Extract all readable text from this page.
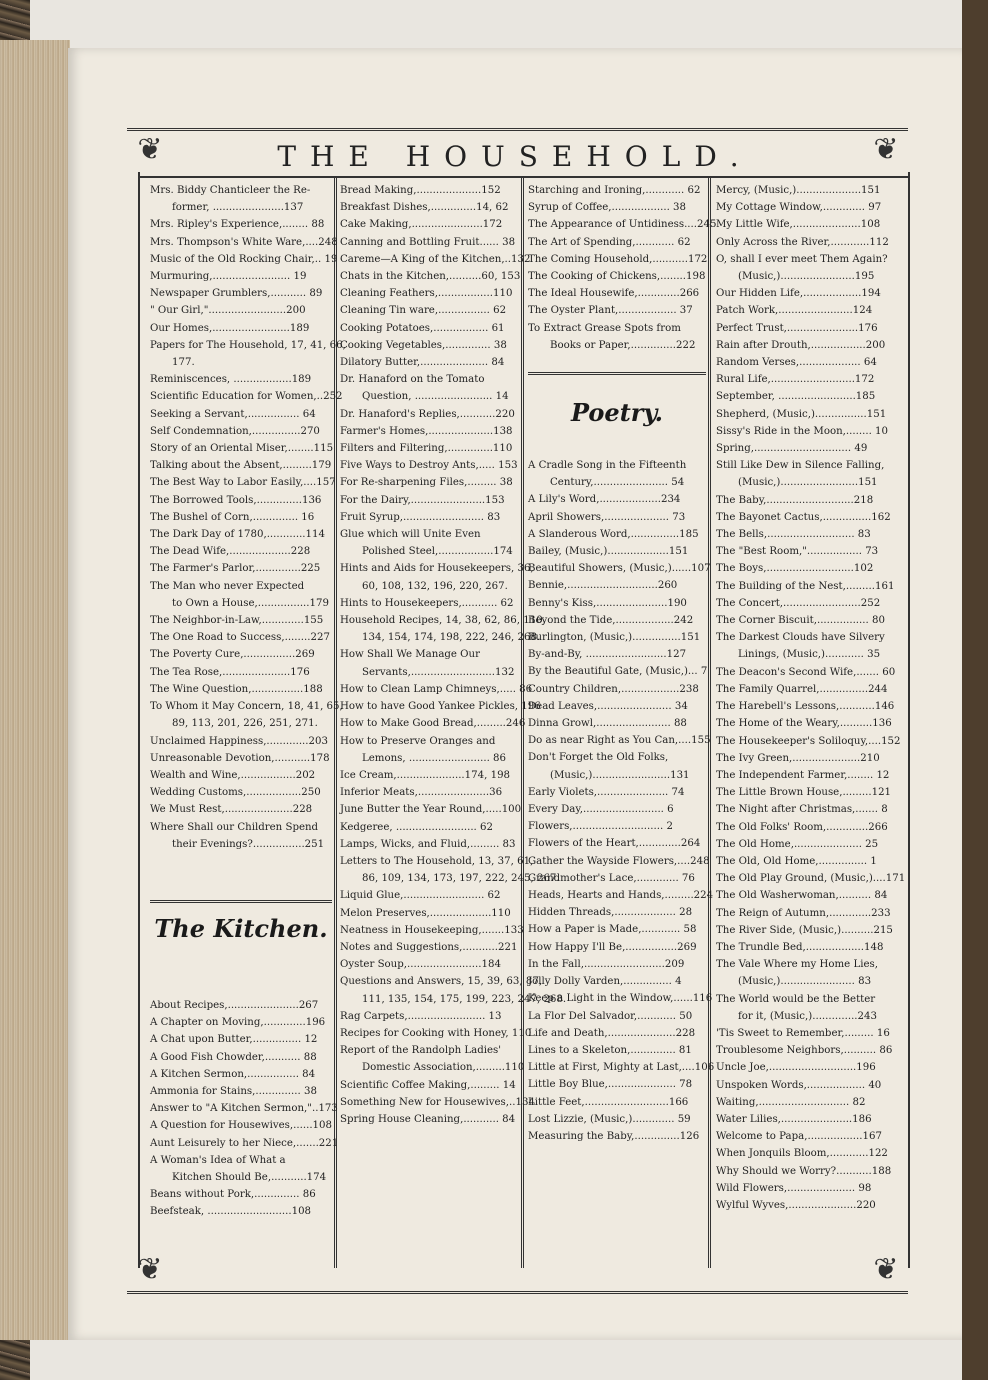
❦	❦
❦	❦
THE HOUSEHOLD.
Mrs. Biddy Chanticleer the Re-
former, ......................137
Mrs. Ripley's Experience,........ 88
Mrs. Thompson's White Ware,....248
Music of the Old Rocking Chair,.. 19
Murmuring,........................ 19
Newspaper Grumblers,........... 89
" Our Girl,"........................200
Our Homes,........................189
Papers for The Household, 17, 41, 66,
177.
Reminiscences, ..................189
Scientific Education for Women,..252
Seeking a Servant,................ 64
Self Condemnation,...............270
Story of an Oriental Miser,........115
Talking about the Absent,.........179
The Best Way to Labor Easily,....157
The Borrowed Tools,..............136
The Bushel of Corn,.............. 16
The Dark Day of 1780,............114
The Dead Wife,...................228
The Farmer's Parlor,..............225
The Man who never Expected
to Own a House,................179
The Neighbor-in-Law,.............155
The One Road to Success,........227
The Poverty Cure,................269
The Tea Rose,.....................176
The Wine Question,................188
To Whom it May Concern, 18, 41, 65,
89, 113, 201, 226, 251, 271.
Unclaimed Happiness,.............203
Unreasonable Devotion,...........178
Wealth and Wine,.................202
Wedding Customs,.................250
We Must Rest,.....................228
Where Shall our Children Spend
their Evenings?................251
The Kitchen.
About Recipes,......................267
A Chapter on Moving,.............196
A Chat upon Butter,............... 12
A Good Fish Chowder,........... 88
A Kitchen Sermon,................ 84
Ammonia for Stains,.............. 38
Answer to "A Kitchen Sermon,"..173
A Question for Housewives,......108
Aunt Leisurely to her Niece,.......221
A Woman's Idea of What a
Kitchen Should Be,...........174
Beans without Pork,.............. 86
Beefsteak, ..........................108
Bread Making,....................152
Breakfast Dishes,..............14, 62
Cake Making,......................172
Canning and Bottling Fruit...... 38
Careme—A King of the Kitchen,..132
Chats in the Kitchen,..........60, 153
Cleaning Feathers,.................110
Cleaning Tin ware,................ 62
Cooking Potatoes,................. 61
Cooking Vegetables,.............. 38
Dilatory Butter,..................... 84
Dr. Hanaford on the Tomato
Question, ........................ 14
Dr. Hanaford's Replies,...........220
Farmer's Homes,....................138
Filters and Filtering,..............110
Five Ways to Destroy Ants,..... 153
For Re-sharpening Files,......... 38
For the Dairy,.......................153
Fruit Syrup,......................... 83
Glue which will Unite Even
Polished Steel,.................174
Hints and Aids for Housekeepers, 36,
60, 108, 132, 196, 220, 267.
Hints to Housekeepers,........... 62
Household Recipes, 14, 38, 62, 86, 110,
134, 154, 174, 198, 222, 246, 268.
How Shall We Manage Our
Servants,..........................132
How to Clean Lamp Chimneys,..... 86
How to have Good Yankee Pickles, 196
How to Make Good Bread,.........246
How to Preserve Oranges and
Lemons, ......................... 86
Ice Cream,.....................174, 198
Inferior Meats,......................36
June Butter the Year Round,.....100
Kedgeree, ......................... 62
Lamps, Wicks, and Fluid,......... 83
Letters to The Household, 13, 37, 61,
86, 109, 134, 173, 197, 222, 245, 267.
Liquid Glue,......................... 62
Melon Preserves,...................110
Neatness in Housekeeping,.......133
Notes and Suggestions,...........221
Oyster Soup,.......................184
Questions and Answers, 15, 39, 63, 87,
111, 135, 154, 175, 199, 223, 247, 268.
Rag Carpets,........................ 13
Recipes for Cooking with Honey, 110
Report of the Randolph Ladies'
Domestic Association,.........110
Scientific Coffee Making,......... 14
Something New for Housewives,..134
Spring House Cleaning,........... 84
Starching and Ironing,............ 62
Syrup of Coffee,.................. 38
The Appearance of Untidiness....245
The Art of Spending,............ 62
The Coming Household,...........172
The Cooking of Chickens,........198
The Ideal Housewife,.............266
The Oyster Plant,.................. 37
To Extract Grease Spots from
Books or Paper,..............222
Poetry.
A Cradle Song in the Fifteenth
Century,....................... 54
A Lily's Word,...................234
April Showers,.................... 73
A Slanderous Word,...............185
Bailey, (Music,)...................151
Beautiful Showers, (Music,)......107
Bennie,............................260
Benny's Kiss,......................190
Beyond the Tide,..................242
Burlington, (Music,)...............151
By-and-By, .........................127
By the Beautiful Gate, (Music,)... 7
Country Children,..................238
Dead Leaves,....................... 34
Dinna Growl,....................... 88
Do as near Right as You Can,....155
Don't Forget the Old Folks,
(Music,)........................131
Early Violets,...................... 74
Every Day,......................... 6
Flowers,............................ 2
Flowers of the Heart,.............264
Gather the Wayside Flowers,....248
Grandmother's Lace,............. 76
Heads, Hearts and Hands,.........224
Hidden Threads,................... 28
How a Paper is Made,............ 58
How Happy I'll Be,................269
In the Fall,.........................209
Jolly Dolly Varden,............... 4
Keep a Light in the Window,......116
La Flor Del Salvador,............ 50
Life and Death,.....................228
Lines to a Skeleton,.............. 81
Little at First, Mighty at Last,....106
Little Boy Blue,..................... 78
Little Feet,..........................166
Lost Lizzie, (Music,)............. 59
Measuring the Baby,..............126
Mercy, (Music,)....................151
My Cottage Window,............. 97
My Little Wife,.....................108
Only Across the River,............112
O, shall I ever meet Them Again?
(Music,).......................195
Our Hidden Life,..................194
Patch Work,.......................124
Perfect Trust,......................176
Rain after Drouth,.................200
Random Verses,................... 64
Rural Life,..........................172
September, ........................185
Shepherd, (Music,)................151
Sissy's Ride in the Moon,........ 10
Spring,.............................. 49
Still Like Dew in Silence Falling,
(Music,)........................151
The Baby,...........................218
The Bayonet Cactus,...............162
The Bells,........................... 83
The "Best Room,"................. 73
The Boys,...........................102
The Building of the Nest,.........161
The Concert,........................252
The Corner Biscuit,................ 80
The Darkest Clouds have Silvery
Linings, (Music,)............ 35
The Deacon's Second Wife,....... 60
The Family Quarrel,...............244
The Harebell's Lessons,...........146
The Home of the Weary,..........136
The Housekeeper's Soliloquy,....152
The Ivy Green,.....................210
The Independent Farmer,........ 12
The Little Brown House,.........121
The Night after Christmas,....... 8
The Old Folks' Room,.............266
The Old Home,..................... 25
The Old, Old Home,............... 1
The Old Play Ground, (Music,)....171
The Old Washerwoman,.......... 84
The Reign of Autumn,.............233
The River Side, (Music,)..........215
The Trundle Bed,..................148
The Vale Where my Home Lies,
(Music,)....................... 83
The World would be the Better
for it, (Music,)..............243
'Tis Sweet to Remember,......... 16
Troublesome Neighbors,.......... 86
Uncle Joe,...........................196
Unspoken Words,.................. 40
Waiting,............................ 82
Water Lilies,......................186
Welcome to Papa,.................167
When Jonquils Bloom,............122
Why Should we Worry?...........188
Wild Flowers,..................... 98
Wylful Wyves,.....................220
